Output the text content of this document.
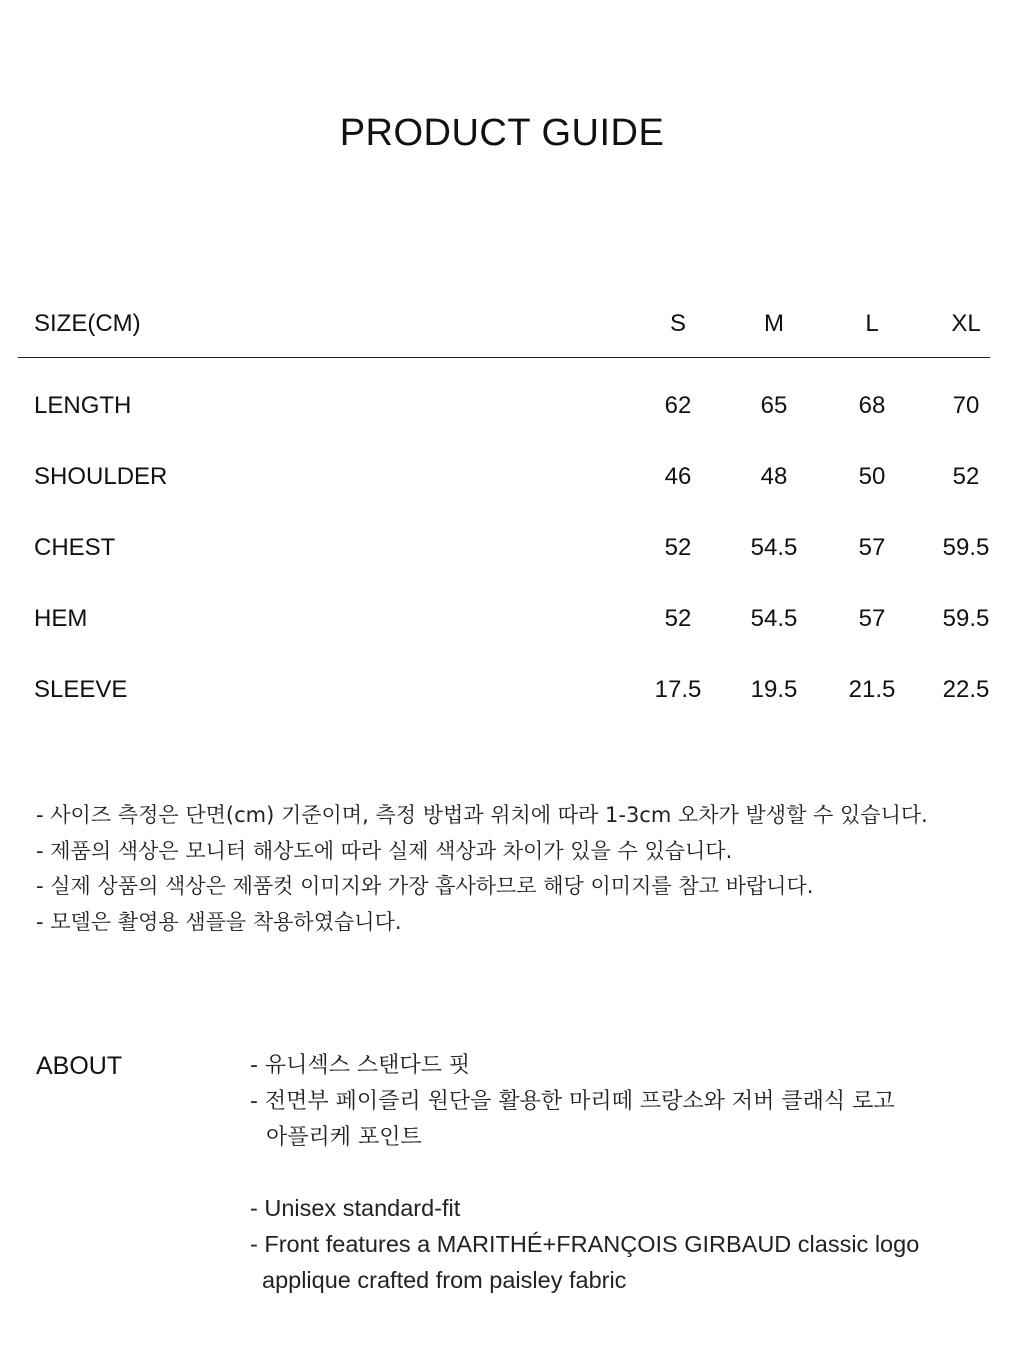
PRODUCT GUIDE
SIZE(CM)	S	M	L	XL
LENGTH	62	65	68	70
SHOULDER	46	48	50	52
CHEST	52	54.5	57	59.5
HEM	52	54.5	57	59.5
SLEEVE	17.5	19.5	21.5	22.5
- 사이즈 측정은 단면(cm) 기준이며, 측정 방법과 위치에 따라 1-3cm 오차가 발생할 수 있습니다.
- 제품의 색상은 모니터 해상도에 따라 실제 색상과 차이가 있을 수 있습니다.
- 실제 상품의 색상은 제품컷 이미지와 가장 흡사하므로 해당 이미지를 참고 바랍니다.
- 모델은 촬영용 샘플을 착용하였습니다.
ABOUT	- 유니섹스 스탠다드 핏
- 전면부 페이즐리 원단을 활용한 마리떼 프랑소와 저버 클래식 로고
아플리케 포인트
- Unisex standard-fit
- Front features a MARITHÉ+FRANÇOIS GIRBAUD classic logo
applique crafted from paisley fabric
